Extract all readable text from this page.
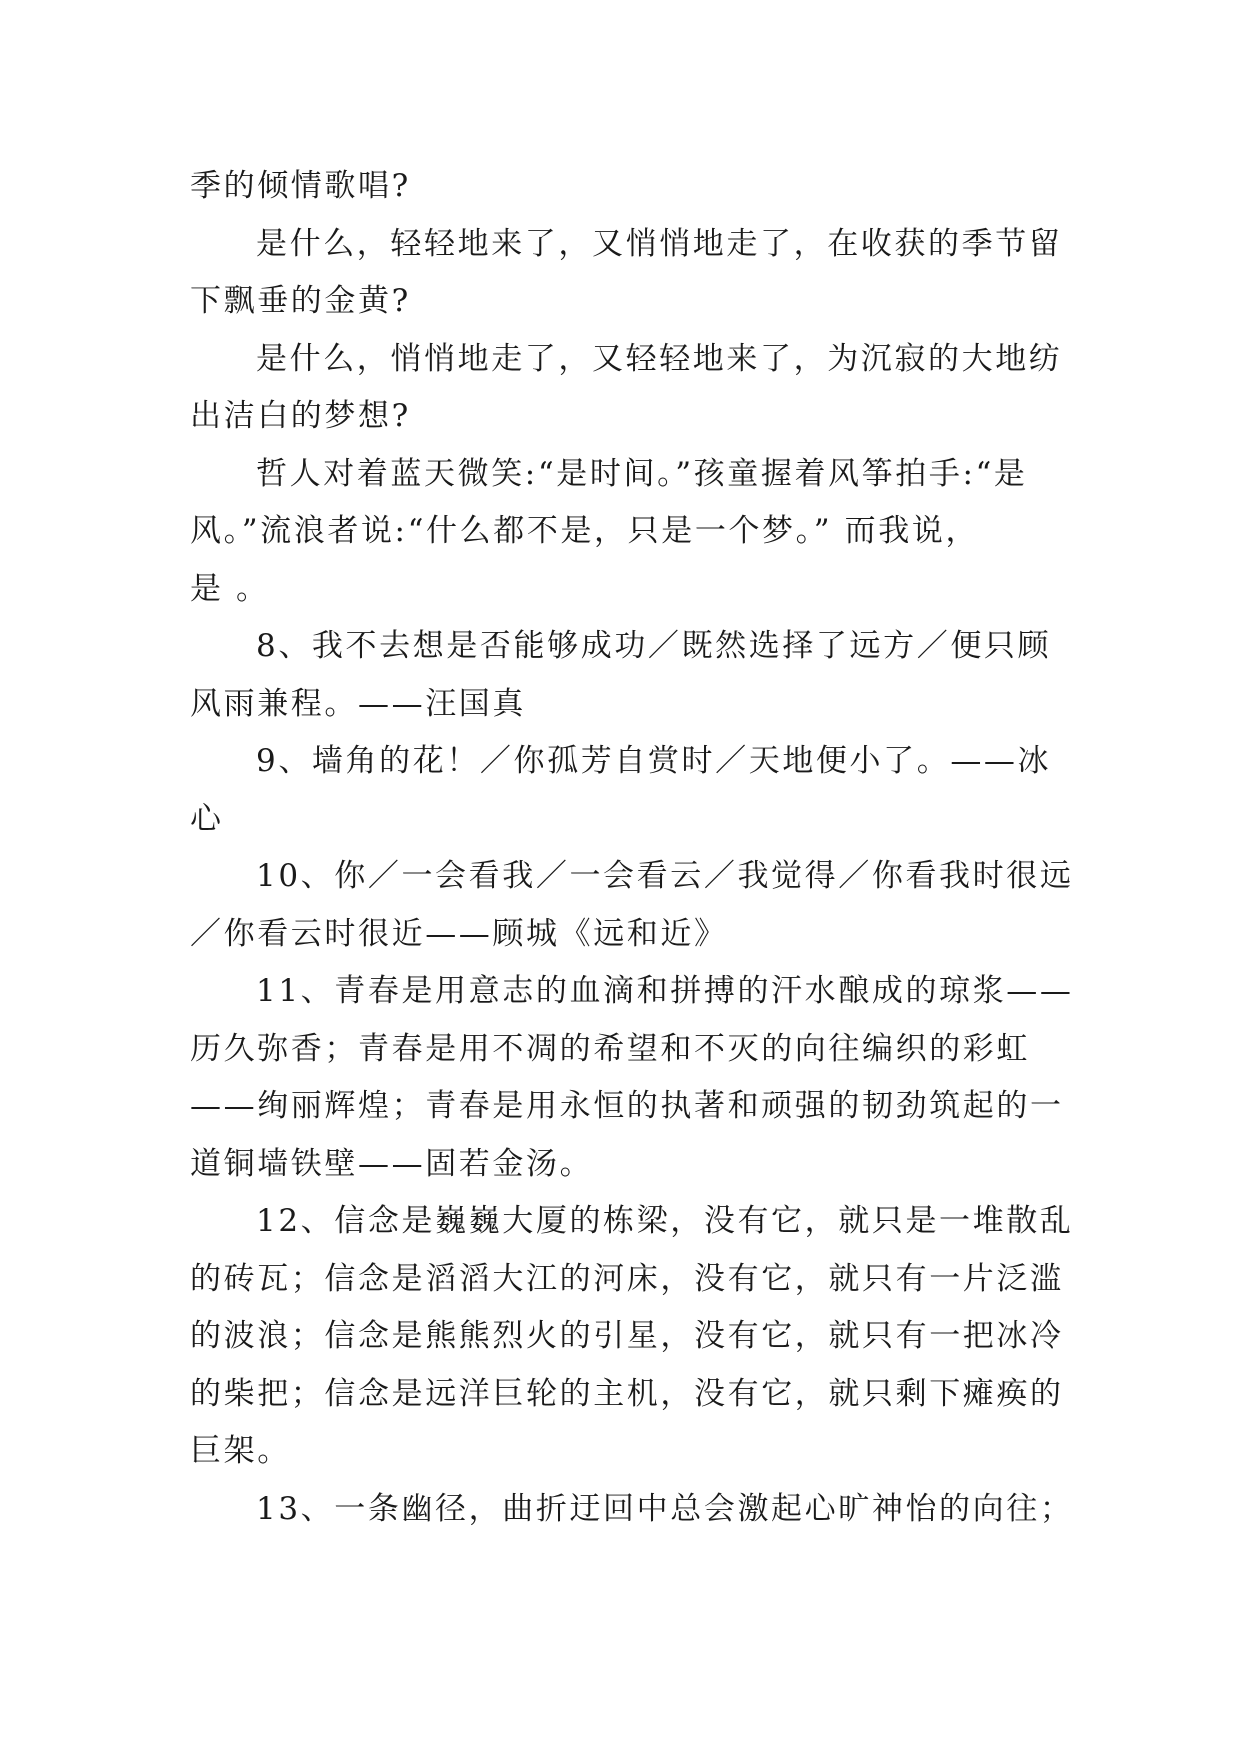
季的倾情歌唱?
是什么，轻轻地来了，又悄悄地走了，在收获的季节留
下飘垂的金黄?
是什么，悄悄地走了，又轻轻地来了，为沉寂的大地纺
出洁白的梦想?
哲人对着蓝天微笑:“是时间。”孩童握着风筝拍手:“是
风。”流浪者说:“什么都不是，只是一个梦。” 而我说，
是 。
8、我不去想是否能够成功／既然选择了远方／便只顾
风雨兼程。——汪国真
9、墙角的花！／你孤芳自赏时／天地便小了。——冰
心
10、你／一会看我／一会看云／我觉得／你看我时很远
／你看云时很近——顾城《远和近》
11、青春是用意志的血滴和拼搏的汗水酿成的琼浆——
历久弥香；青春是用不凋的希望和不灭的向往编织的彩虹
——绚丽辉煌；青春是用永恒的执著和顽强的韧劲筑起的一
道铜墙铁壁——固若金汤。
12、信念是巍巍大厦的栋梁，没有它，就只是一堆散乱
的砖瓦；信念是滔滔大江的河床，没有它，就只有一片泛滥
的波浪；信念是熊熊烈火的引星，没有它，就只有一把冰冷
的柴把；信念是远洋巨轮的主机，没有它，就只剩下瘫痪的
巨架。
13、一条幽径，曲折迂回中总会激起心旷神怡的向往；
